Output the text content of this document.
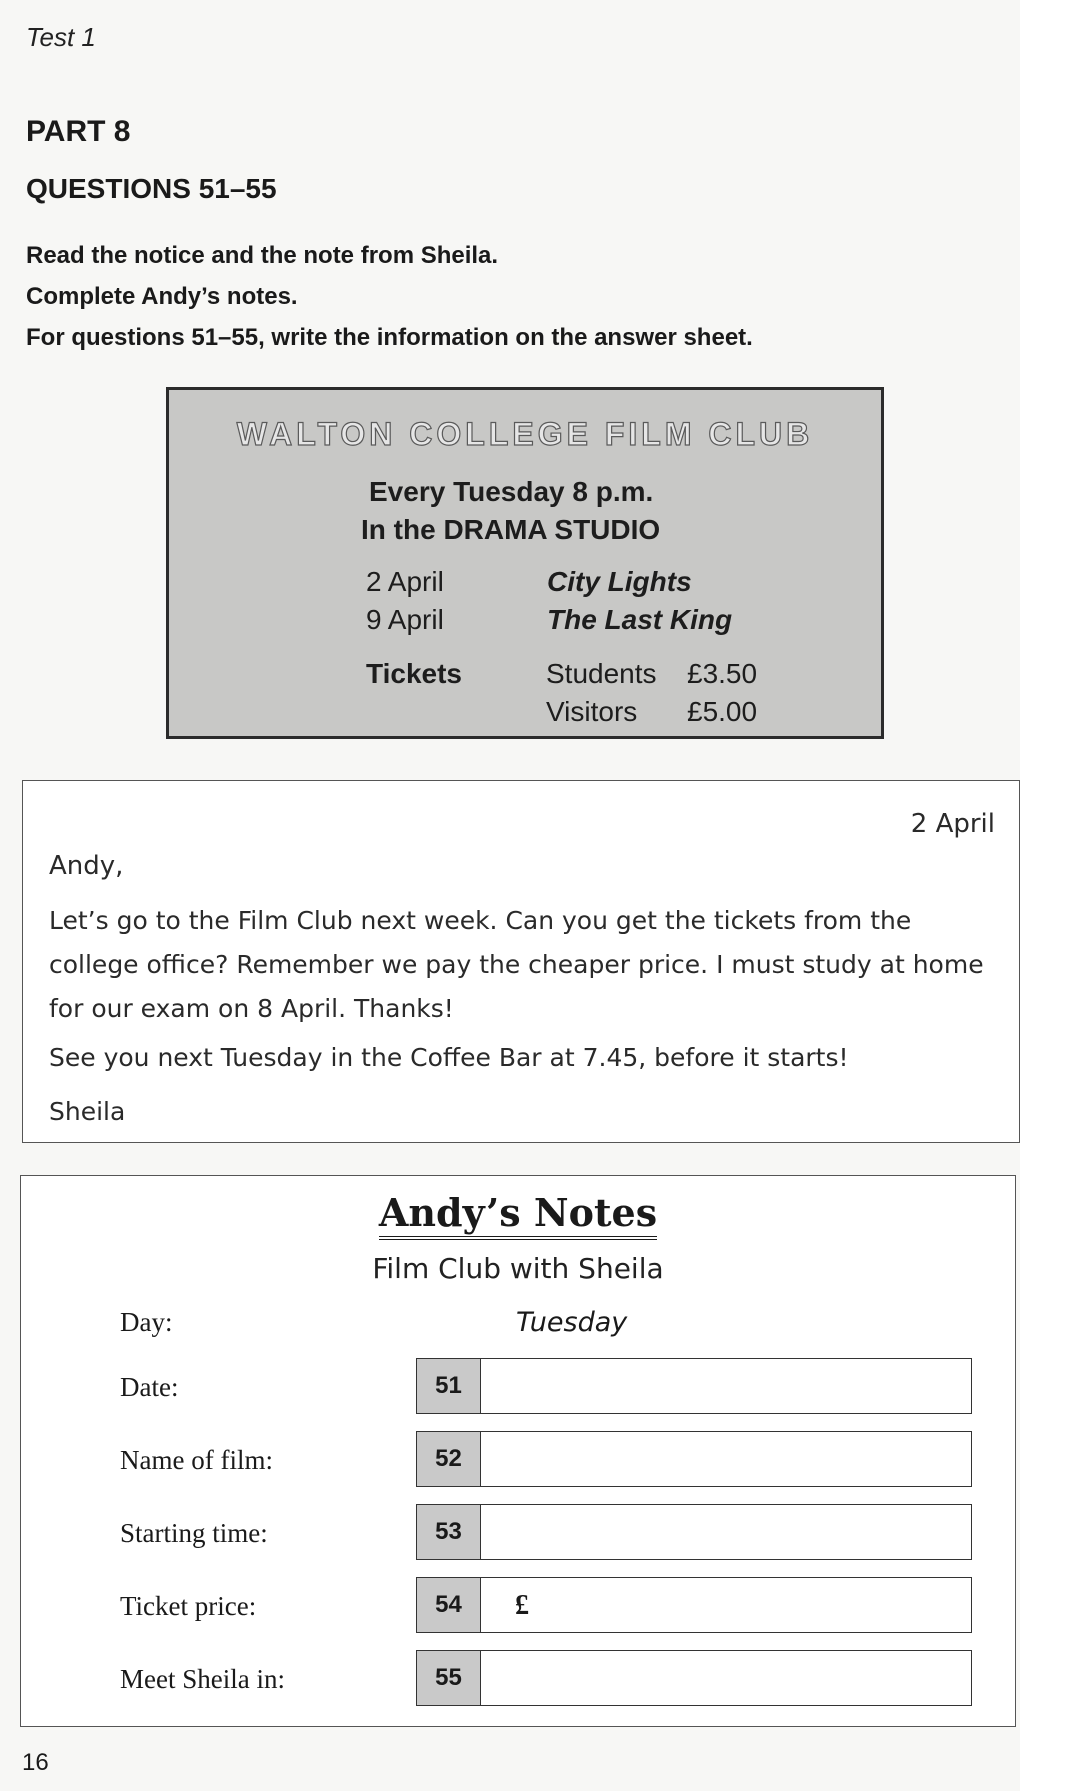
Test 1
PART 8
QUESTIONS 51–55
Read the notice and the note from Sheila.
Complete Andy’s notes.
For questions 51–55, write the information on the answer sheet.
WALTON COLLEGE FILM CLUB
Every Tuesday 8 p.m.
In the DRAMA STUDIO
2 April	City Lights
9 April	The Last King
Tickets	Students £3.50
Visitors £5.00
2 April
Andy,
Let’s go to the Film Club next week. Can you get the tickets from the college office? Remember we pay the cheaper price. I must study at home for our exam on 8 April. Thanks!
See you next Tuesday in the Coffee Bar at 7.45, before it starts!
Sheila
Andy’s Notes
Film Club with Sheila
Day:	Tuesday
Date:	51
Name of film:	52
Starting time:	53
Ticket price:	54	£
Meet Sheila in:	55
16
